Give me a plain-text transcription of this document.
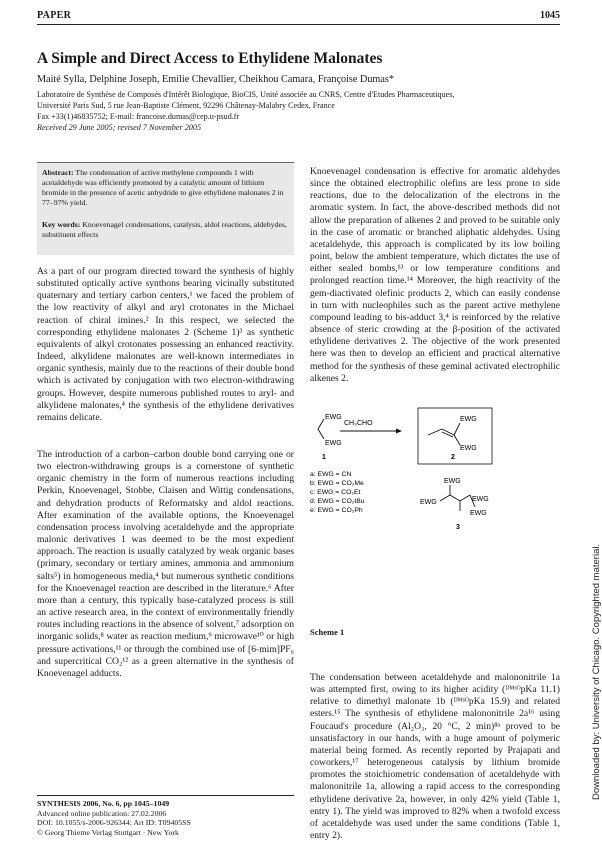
PAPER	1045
A Simple and Direct Access to Ethylidene Malonates
Maité Sylla, Delphine Joseph, Emilie Chevallier, Cheikhou Camara, Françoise Dumas*
Laboratoire de Synthèse de Composés d'Intérêt Biologique, BioCIS, Unité associée au CNRS, Centre d'Etudes Pharmaceutiques,
Université Paris Sud, 5 rue Jean-Baptiste Clément, 92296 Châtenay-Malabry Cedex, France
Fax +33(1)46835752; E-mail: francoise.dumas@cep.u-psud.fr
Received 29 June 2005; revised 7 November 2005
Abstract: The condensation of active methylene compounds 1 with acetaldehyde was efficiently promoted by a catalytic amount of lithium bromide in the presence of acetic anhydride to give ethylidene malonates 2 in 77–97% yield.
Key words: Knoevenagel condensations, catalysis, aldol reactions, aldehydes, substituent effects

As a part of our program directed toward the synthesis of highly substituted optically active synthons bearing vicinally substituted quaternary and tertiary carbon centers,¹ we faced the problem of the low reactivity of alkyl and aryl crotonates in the Michael reaction of chiral imines.² In this respect, we selected the corresponding ethylidene malonates 2 (Scheme 1)³ as synthetic equivalents of alkyl crotonates possessing an enhanced reactivity. Indeed, alkylidene malonates are well-known intermediates in organic synthesis, mainly due to the reactions of their double bond which is activated by conjugation with two electron-withdrawing groups. However, despite numerous published routes to aryl- and alkylidene malonates,⁴ the synthesis of the ethylidene derivatives remains delicate.

The introduction of a carbon–carbon double bond carrying one or two electron-withdrawing groups is a cornerstone of synthetic organic chemistry in the form of numerous reactions including Perkin, Knoevenagel, Stobbe, Claisen and Wittig condensations, and dehydration products of Reformatsky and aldol reactions. After examination of the available options, the Knoevenagel condensation process involving acetaldehyde and the appropriate malonic derivatives 1 was deemed to be the most expedient approach. The reaction is usually catalyzed by weak organic bases (primary, secondary or tertiary amines, ammonia and ammonium salts⁵) in homogeneous media,⁴ but numerous synthetic conditions for the Knoevenagel reaction are described in the literature.⁶ After more than a century, this typically base-catalyzed process is still an active research area, in the context of environmentally friendly routes including reactions in the absence of solvent,⁷ adsorption on inorganic solids,⁸ water as reaction medium,⁹ microwave¹⁰ or high pressure activations,¹¹ or through the combined use of [6-mim]PF₆ and supercritical CO₂¹² as a green alternative in the synthesis of Knoevenagel adducts.

Knoevenagel condensation is effective for aromatic aldehydes since the obtained electrophilic olefins are less prone to side reactions, due to the delocalization of the electrons in the aromatic system. In fact, the above-described methods did not allow the preparation of alkenes 2 and proved to be suitable only in the case of aromatic or branched aliphatic aldehydes. Using acetaldehyde, this approach is complicated by its low boiling point, below the ambient temperature, which dictates the use of either sealed bombs,¹³ or low temperature conditions and prolonged reaction time.¹⁴ Moreover, the high reactivity of the gem-diactivated olefinic products 2, which can easily condense in turn with nucleophiles such as the parent active methylene compound leading to bis-adduct 3,⁴ is reinforced by the relative absence of steric crowding at the β-position of the activated ethylidene derivatives 2. The objective of the work presented here was then to develop an efficient and practical alternative method for the synthesis of these geminal activated electrophilic alkenes 2.

EWG
EWG
1
CH₃CHO
EWG
EWG
2
EWG
EWG	EWG
EWG
3
a: EWG = CN
b: EWG = CO₂Me
c: EWG = CO₂Et
d: EWG = CO₂tBu
e: EWG = CO₂Ph
Scheme 1

The condensation between acetaldehyde and malononitrile 1a was attempted first, owing to its higher acidity (ᴰᴹˢᴼpKa 11.1) relative to dimethyl malonate 1b (ᴰᴹˢᴼpKa 15.9) and related esters.¹⁵ The synthesis of ethylidene malononitrile 2a¹⁶ using Foucaud's procedure (Al₂O₃, 20 °C, 2 min)⁸ᵃ proved to be unsatisfactory in our hands, with a huge amount of polymeric material being formed. As recently reported by Prajapati and coworkers,¹⁷ heterogeneous catalysis by lithium bromide promotes the stoichiometric condensation of acetaldehyde with malononitrile 1a, allowing a rapid access to the corresponding ethylidene derivative 2a, however, in only 42% yield (Table 1, entry 1). The yield was improved to 82% when a twofold excess of acetaldehyde was used under the same conditions (Table 1, entry 2).

SYNTHESIS 2006, No. 6, pp 1045–1049
Advanced online publication: 27.02.2006
DOI: 10.1055/s-2006-926344; Art ID: T09405SS
© Georg Thieme Verlag Stuttgart · New York
Downloaded by: University of Chicago. Copyrighted material.
